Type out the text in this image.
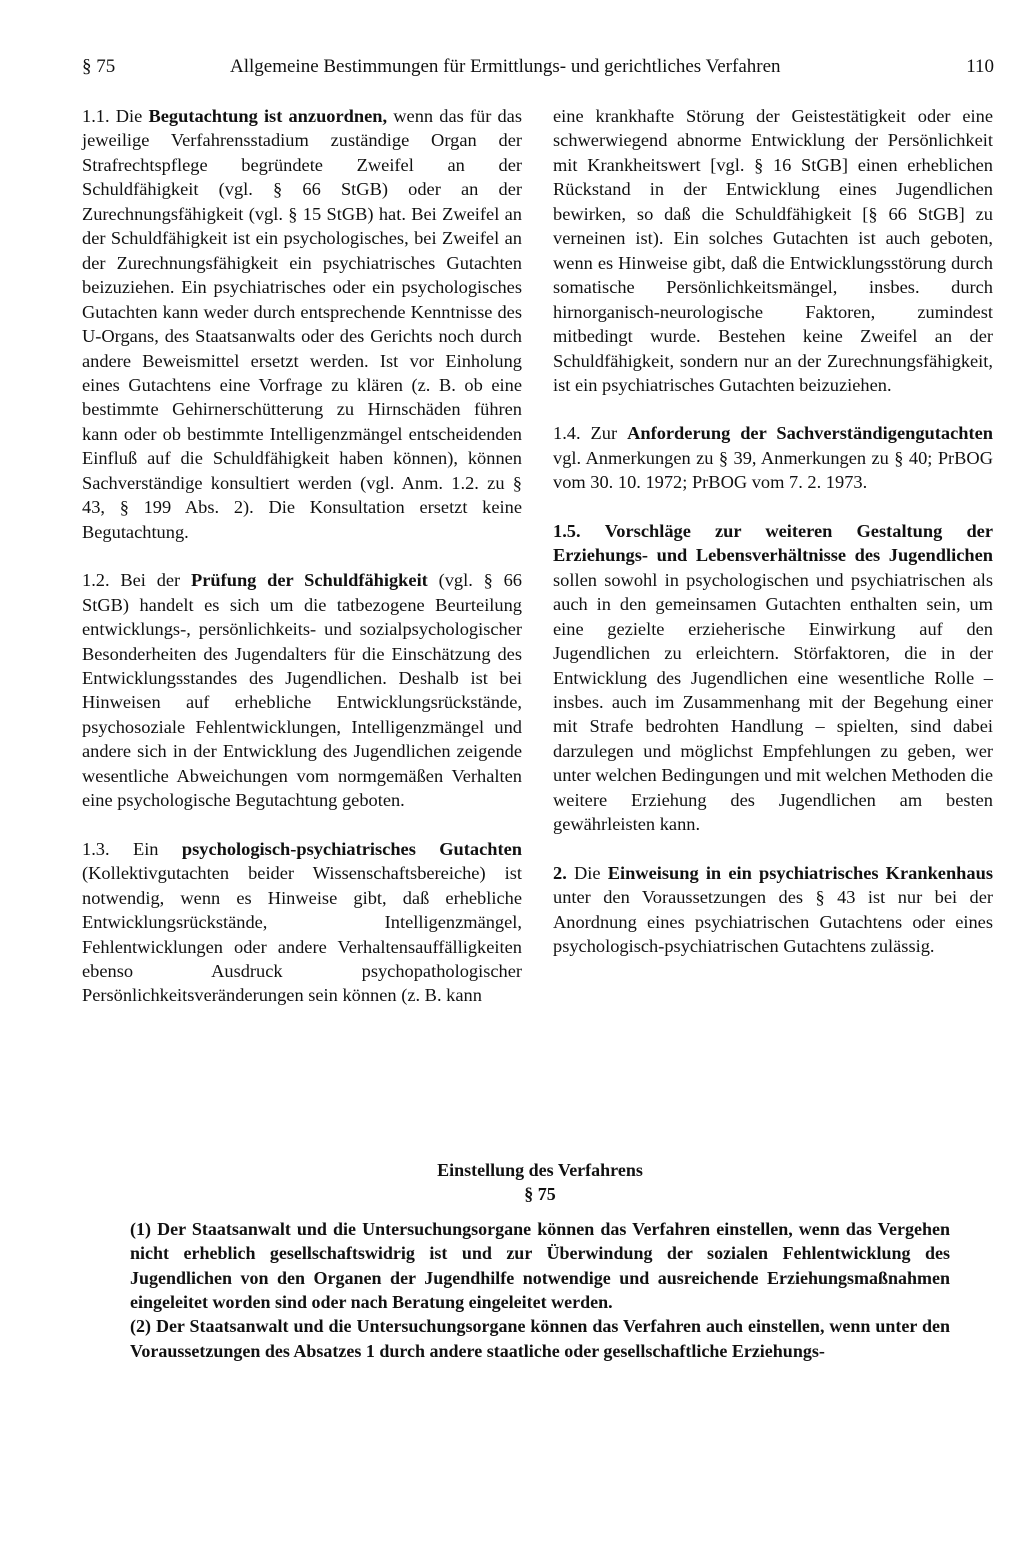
§ 75	Allgemeine Bestimmungen für Ermittlungs- und gerichtliches Verfahren	110

1.1. Die Begutachtung ist anzuordnen, wenn das für das jeweilige Verfahrensstadium zuständige Organ der Strafrechtspflege begründete Zweifel an der Schuldfähigkeit (vgl. § 66 StGB) oder an der Zurechnungsfähigkeit (vgl. § 15 StGB) hat. Bei Zweifel an der Schuldfähigkeit ist ein psychologisches, bei Zweifel an der Zurechnungsfähigkeit ein psychiatrisches Gutachten beizuziehen. Ein psychiatrisches oder ein psychologisches Gutachten kann weder durch entsprechende Kenntnisse des U-Organs, des Staatsanwalts oder des Gerichts noch durch andere Beweismittel ersetzt werden. Ist vor Einholung eines Gutachtens eine Vorfrage zu klären (z. B. ob eine bestimmte Gehirnerschütterung zu Hirnschäden führen kann oder ob bestimmte Intelligenzmängel entscheidenden Einfluß auf die Schuldfähigkeit haben können), können Sachverständige konsultiert werden (vgl. Anm. 1.2. zu § 43, § 199 Abs. 2). Die Konsultation ersetzt keine Begutachtung.

1.2. Bei der Prüfung der Schuldfähigkeit (vgl. § 66 StGB) handelt es sich um die tatbezogene Beurteilung entwicklungs-, persönlichkeits- und sozialpsychologischer Besonderheiten des Jugendalters für die Einschätzung des Entwicklungsstandes des Jugendlichen. Deshalb ist bei Hinweisen auf erhebliche Entwicklungsrückstände, psychosoziale Fehlentwicklungen, Intelligenzmängel und andere sich in der Entwicklung des Jugendlichen zeigende wesentliche Abweichungen vom normgemäßen Verhalten eine psychologische Begutachtung geboten.

1.3. Ein psychologisch-psychiatrisches Gutachten (Kollektivgutachten beider Wissenschaftsbereiche) ist notwendig, wenn es Hinweise gibt, daß erhebliche Entwicklungsrückstände, Intelligenzmängel, Fehlentwicklungen oder andere Verhaltensauffälligkeiten ebenso Ausdruck psychopathologischer Persönlichkeitsveränderungen sein können (z. B. kann

eine krankhafte Störung der Geistestätigkeit oder eine schwerwiegend abnorme Entwicklung der Persönlichkeit mit Krankheitswert [vgl. § 16 StGB] einen erheblichen Rückstand in der Entwicklung eines Jugendlichen bewirken, so daß die Schuldfähigkeit [§ 66 StGB] zu verneinen ist). Ein solches Gutachten ist auch geboten, wenn es Hinweise gibt, daß die Entwicklungsstörung durch somatische Persönlichkeitsmängel, insbes. durch hirnorganisch-neurologische Faktoren, zumindest mitbedingt wurde. Bestehen keine Zweifel an der Schuldfähigkeit, sondern nur an der Zurechnungsfähigkeit, ist ein psychiatrisches Gutachten beizuziehen.

1.4. Zur Anforderung der Sachverständigengutachten vgl. Anmerkungen zu § 39, Anmerkungen zu § 40; PrBOG vom 30. 10. 1972; PrBOG vom 7. 2. 1973.

1.5. Vorschläge zur weiteren Gestaltung der Erziehungs- und Lebensverhältnisse des Jugendlichen sollen sowohl in psychologischen und psychiatrischen als auch in den gemeinsamen Gutachten enthalten sein, um eine gezielte erzieherische Einwirkung auf den Jugendlichen zu erleichtern. Störfaktoren, die in der Entwicklung des Jugendlichen eine wesentliche Rolle – insbes. auch im Zusammenhang mit der Begehung einer mit Strafe bedrohten Handlung – spielten, sind dabei darzulegen und möglichst Empfehlungen zu geben, wer unter welchen Bedingungen und mit welchen Methoden die weitere Erziehung des Jugendlichen am besten gewährleisten kann.

2. Die Einweisung in ein psychiatrisches Krankenhaus unter den Voraussetzungen des § 43 ist nur bei der Anordnung eines psychiatrischen Gutachtens oder eines psychologisch-psychiatrischen Gutachtens zulässig.

Einstellung des Verfahrens

§ 75

(1) Der Staatsanwalt und die Untersuchungsorgane können das Verfahren einstellen, wenn das Vergehen nicht erheblich gesellschaftswidrig ist und zur Überwindung der sozialen Fehlentwicklung des Jugendlichen von den Organen der Jugendhilfe notwendige und ausreichende Erziehungsmaßnahmen eingeleitet worden sind oder nach Beratung eingeleitet werden.

(2) Der Staatsanwalt und die Untersuchungsorgane können das Verfahren auch einstellen, wenn unter den Voraussetzungen des Absatzes 1 durch andere staatliche oder gesellschaftliche Erziehungs-
